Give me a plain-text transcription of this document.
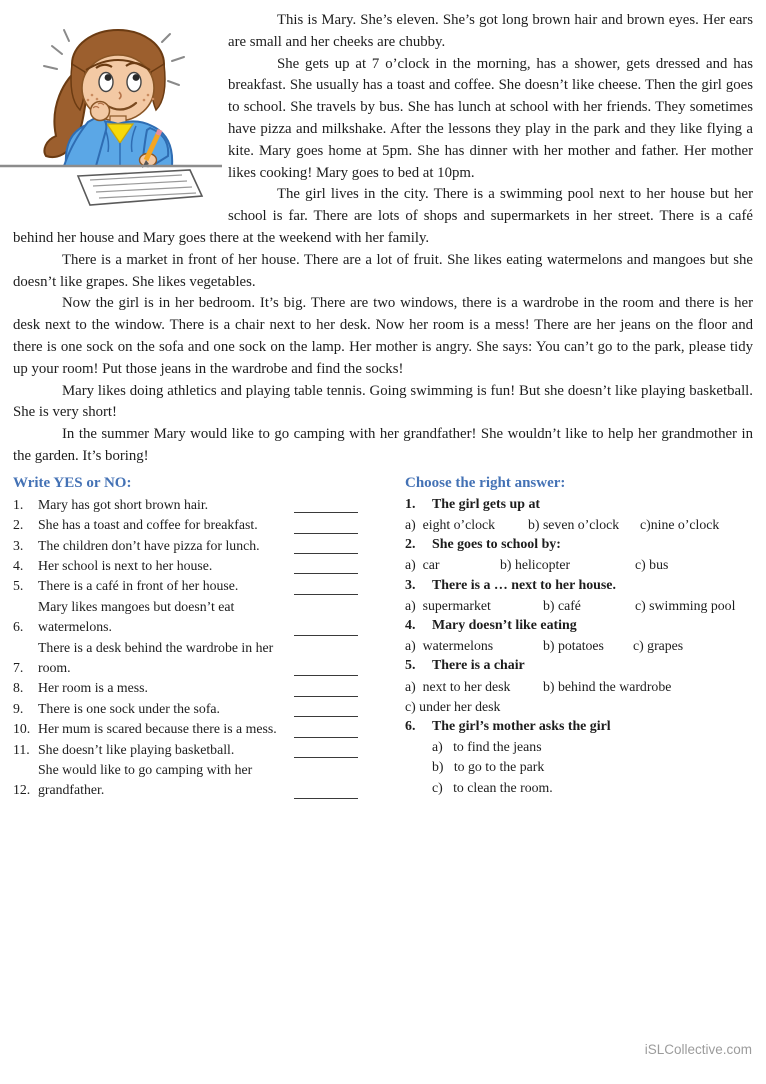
This is Mary. She’s eleven. She’s got long brown hair and brown eyes. Her ears are small and her cheeks are chubby.

She gets up at 7 o’clock in the morning, has a shower, gets dressed and has breakfast. She usually has a toast and coffee. She doesn’t like cheese. Then the girl goes to school. She travels by bus. She has lunch at school with her friends. They sometimes have pizza and milkshake. After the lessons they play in the park and they like flying a kite. Mary goes home at 5pm. She has dinner with her mother and father. Her mother likes cooking! Mary goes to bed at 10pm.

The girl lives in the city. There is a swimming pool next to her house but her school is far. There are lots of shops and supermarkets in her street. There is a café behind her house and Mary goes there at the weekend with her family.

There is a market in front of her house. There are a lot of fruit. She likes eating watermelons and mangoes but she doesn’t like grapes. She likes vegetables.

Now the girl is in her bedroom. It’s big. There are two windows, there is a wardrobe in the room and there is her desk next to the window. There is a chair next to her desk. Now her room is a mess! There are her jeans on the floor and there is one sock on the sofa and one sock on the lamp. Her mother is angry. She says: You can’t go to the park, please tidy up your room! Put those jeans in the wardrobe and find the socks!

Mary likes doing athletics and playing table tennis. Going swimming is fun! But she doesn’t like playing basketball. She is very short!

In the summer Mary would like to go camping with her grandfather! She wouldn’t like to help her grandmother in the garden. It’s boring!

Write YES or NO:
1.	Mary has got short brown hair.
2.	She has a toast and coffee for breakfast.
3.	The children don’t have pizza for lunch.
4.	Her school is next to her house.
5.	There is a café in front of her house.
6.
Mary likes mangoes but doesn’t eat watermelons.
7.
There is a desk behind the wardrobe in her room.
8.	Her room is a mess.
9.	There is one sock under the sofa.
10. Her mum is scared because there is a mess.
11. She doesn’t like playing basketball.
12.
She would like to go camping with her grandfather.
Choose the right answer:
1.	The girl gets up at
a)  eight o’clock	b) seven o’clock	c)nine o’clock
2.	She goes to school by:
a)  car	b) helicopter	c) bus
3.	There is a … next to her house.
a)  supermarket	b) café	c) swimming pool
4.	Mary doesn’t like eating
a)  watermelons	b) potatoes	c) grapes
5.	There is a chair
a)  next to her desk	b) behind the wardrobe
c) under her desk
6.	The girl’s mother asks the girl
a)   to find the jeans
b)   to go to the park
c)   to clean the room.
iSLCollective.com
